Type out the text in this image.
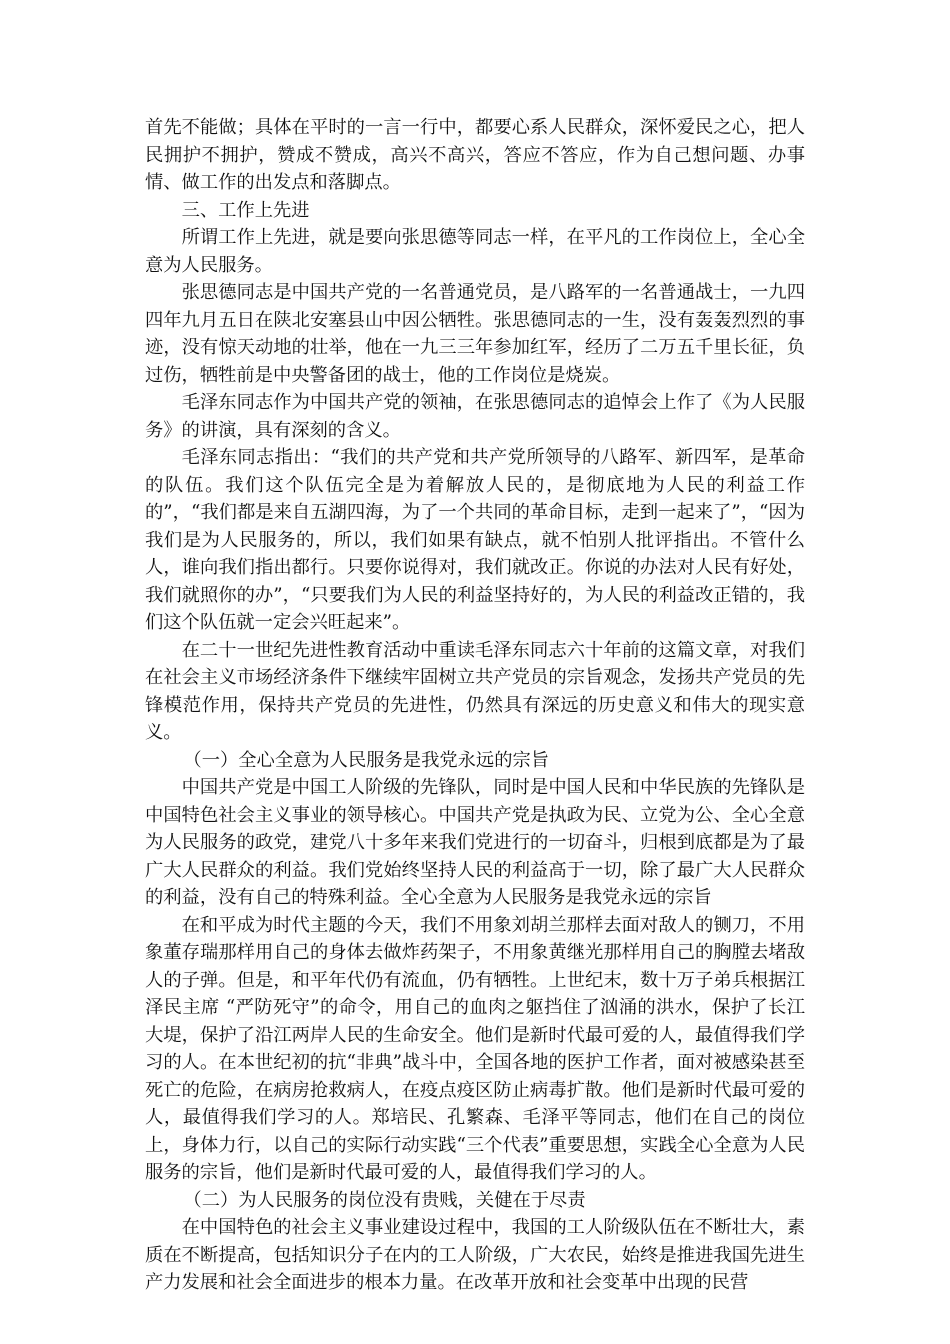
首先不能做；具体在平时的一言一行中，都要心系人民群众，深怀爱民之心，把人民拥护不拥护，赞成不赞成，高兴不高兴，答应不答应，作为自己想问题、办事情、做工作的出发点和落脚点。

三、工作上先进

所谓工作上先进，就是要向张思德等同志一样，在平凡的工作岗位上，全心全意为人民服务。

张思德同志是中国共产党的一名普通党员，是八路军的一名普通战士，一九四四年九月五日在陕北安塞县山中因公牺牲。张思德同志的一生，没有轰轰烈烈的事迹，没有惊天动地的壮举，他在一九三三年参加红军，经历了二万五千里长征，负过伤，牺牲前是中央警备团的战士，他的工作岗位是烧炭。

毛泽东同志作为中国共产党的领袖，在张思德同志的追悼会上作了《为人民服务》的讲演，具有深刻的含义。

毛泽东同志指出：“我们的共产党和共产党所领导的八路军、新四军，是革命的队伍。我们这个队伍完全是为着解放人民的，是彻底地为人民的利益工作的”，“我们都是来自五湖四海，为了一个共同的革命目标，走到一起来了”，“因为我们是为人民服务的，所以，我们如果有缺点，就不怕别人批评指出。不管什么人，谁向我们指出都行。只要你说得对，我们就改正。你说的办法对人民有好处，我们就照你的办”，“只要我们为人民的利益坚持好的，为人民的利益改正错的，我们这个队伍就一定会兴旺起来”。

在二十一世纪先进性教育活动中重读毛泽东同志六十年前的这篇文章，对我们在社会主义市场经济条件下继续牢固树立共产党员的宗旨观念，发扬共产党员的先锋模范作用，保持共产党员的先进性，仍然具有深远的历史意义和伟大的现实意义。

（一）全心全意为人民服务是我党永远的宗旨

中国共产党是中国工人阶级的先锋队，同时是中国人民和中华民族的先锋队是中国特色社会主义事业的领导核心。中国共产党是执政为民、立党为公、全心全意为人民服务的政党，建党八十多年来我们党进行的一切奋斗，归根到底都是为了最广大人民群众的利益。我们党始终坚持人民的利益高于一切，除了最广大人民群众的利益，没有自己的特殊利益。全心全意为人民服务是我党永远的宗旨

在和平成为时代主题的今天，我们不用象刘胡兰那样去面对敌人的铡刀，不用象董存瑞那样用自己的身体去做炸药架子，不用象黄继光那样用自己的胸膛去堵敌人的子弹。但是，和平年代仍有流血，仍有牺牲。上世纪末，数十万子弟兵根据江泽民主席 “严防死守”的命令，用自己的血肉之躯挡住了汹涌的洪水，保护了长江大堤，保护了沿江两岸人民的生命安全。他们是新时代最可爱的人，最值得我们学习的人。在本世纪初的抗“非典”战斗中，全国各地的医护工作者，面对被感染甚至死亡的危险，在病房抢救病人，在疫点疫区防止病毒扩散。他们是新时代最可爱的人，最值得我们学习的人。郑培民、孔繁森、毛泽平等同志，他们在自己的岗位上，身体力行，以自己的实际行动实践“三个代表”重要思想，实践全心全意为人民服务的宗旨，他们是新时代最可爱的人，最值得我们学习的人。

（二）为人民服务的岗位没有贵贱，关健在于尽责

在中国特色的社会主义事业建设过程中，我国的工人阶级队伍在不断壮大，素质在不断提高，包括知识分子在内的工人阶级，广大农民，始终是推进我国先进生产力发展和社会全面进步的根本力量。在改革开放和社会变革中出现的民营
